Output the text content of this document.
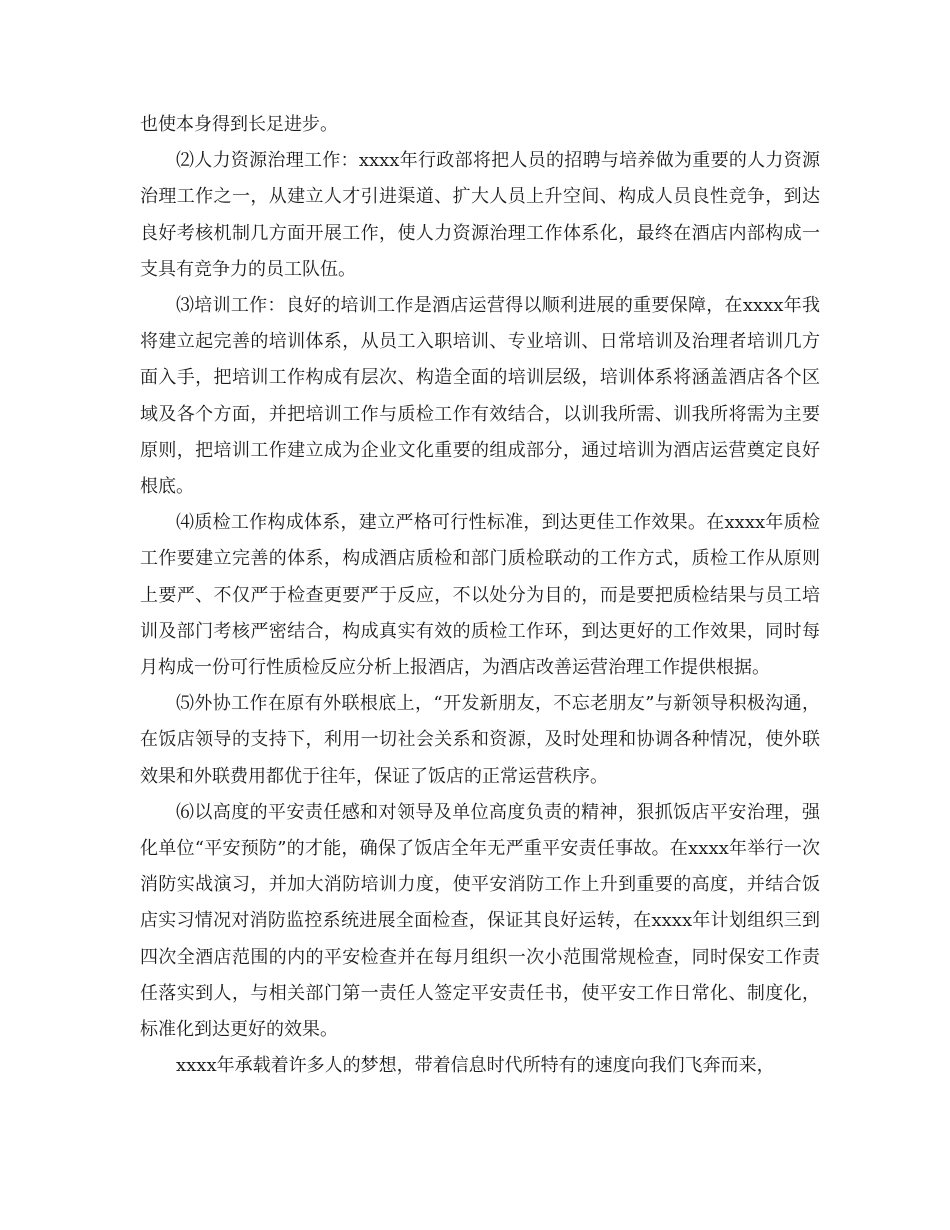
也使本身得到长足进步。

⑵人力资源治理工作：xxxx年行政部将把人员的招聘与培养做为重要的人力资源治理工作之一，从建立人才引进渠道、扩大人员上升空间、构成人员良性竞争，到达良好考核机制几方面开展工作，使人力资源治理工作体系化，最终在酒店内部构成一支具有竞争力的员工队伍。

⑶培训工作：良好的培训工作是酒店运营得以顺利进展的重要保障，在xxxx年我将建立起完善的培训体系，从员工入职培训、专业培训、日常培训及治理者培训几方面入手，把培训工作构成有层次、构造全面的培训层级，培训体系将涵盖酒店各个区域及各个方面，并把培训工作与质检工作有效结合，以训我所需、训我所将需为主要原则，把培训工作建立成为企业文化重要的组成部分，通过培训为酒店运营奠定良好根底。

⑷质检工作构成体系，建立严格可行性标准，到达更佳工作效果。在xxxx年质检工作要建立完善的体系，构成酒店质检和部门质检联动的工作方式，质检工作从原则上要严、不仅严于检查更要严于反应，不以处分为目的，而是要把质检结果与员工培训及部门考核严密结合，构成真实有效的质检工作环，到达更好的工作效果，同时每月构成一份可行性质检反应分析上报酒店，为酒店改善运营治理工作提供根据。

⑸外协工作在原有外联根底上，“开发新朋友，不忘老朋友”与新领导积极沟通，在饭店领导的支持下，利用一切社会关系和资源，及时处理和协调各种情况，使外联效果和外联费用都优于往年，保证了饭店的正常运营秩序。

⑹以高度的平安责任感和对领导及单位高度负责的精神，狠抓饭店平安治理，强化单位“平安预防”的才能，确保了饭店全年无严重平安责任事故。在xxxx年举行一次消防实战演习，并加大消防培训力度，使平安消防工作上升到重要的高度，并结合饭店实习情况对消防监控系统进展全面检查，保证其良好运转，在xxxx年计划组织三到四次全酒店范围的内的平安检查并在每月组织一次小范围常规检查，同时保安工作责任落实到人，与相关部门第一责任人签定平安责任书，使平安工作日常化、制度化，标准化到达更好的效果。

xxxx年承载着许多人的梦想，带着信息时代所特有的速度向我们飞奔而来，
